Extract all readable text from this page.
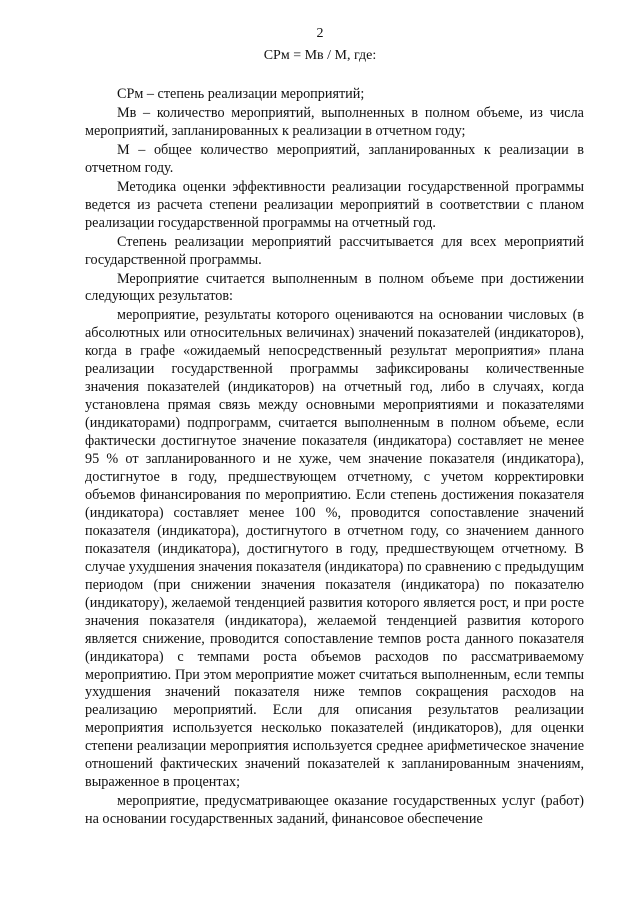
2
СРм = Мв / М, где:

СРм – степень реализации мероприятий;

Мв – количество мероприятий, выполненных в полном объеме, из числа мероприятий, запланированных к реализации в отчетном году;

М – общее количество мероприятий, запланированных к реализации в отчетном году.

Методика оценки эффективности реализации государственной программы ведется из расчета степени реализации мероприятий в соответствии с планом реализации государственной программы на отчетный год.

Степень реализации мероприятий рассчитывается для всех мероприятий государственной программы.

Мероприятие считается выполненным в полном объеме при достижении следующих результатов:

мероприятие, результаты которого оцениваются на основании числовых (в абсолютных или относительных величинах) значений показателей (индикаторов), когда в графе «ожидаемый непосредственный результат мероприятия» плана реализации государственной программы зафиксированы количественные значения показателей (индикаторов) на отчетный год, либо в случаях, когда установлена прямая связь между основными мероприятиями и показателями (индикаторами) подпрограмм, считается выполненным в полном объеме, если фактически достигнутое значение показателя (индикатора) составляет не менее 95 % от запланированного и не хуже, чем значение показателя (индикатора), достигнутое в году, предшествующем отчетному, с учетом корректировки объемов финансирования по мероприятию. Если степень достижения показателя (индикатора) составляет менее 100 %, проводится сопоставление значений показателя (индикатора), достигнутого в отчетном году, со значением данного показателя (индикатора), достигнутого в году, предшествующем отчетному. В случае ухудшения значения показателя (индикатора) по сравнению с предыдущим периодом (при снижении значения показателя (индикатора) по показателю (индикатору), желаемой тенденцией развития которого является рост, и при росте значения показателя (индикатора), желаемой тенденцией развития которого является снижение, проводится сопоставление темпов роста данного показателя (индикатора) с темпами роста объемов расходов по рассматриваемому мероприятию. При этом мероприятие может считаться выполненным, если темпы ухудшения значений показателя ниже темпов сокращения расходов на реализацию мероприятий. Если для описания результатов реализации мероприятия используется несколько показателей (индикаторов), для оценки степени реализации мероприятия используется среднее арифметическое значение отношений фактических значений показателей к запланированным значениям, выраженное в процентах;

мероприятие, предусматривающее оказание государственных услуг (работ) на основании государственных заданий, финансовое обеспечение
